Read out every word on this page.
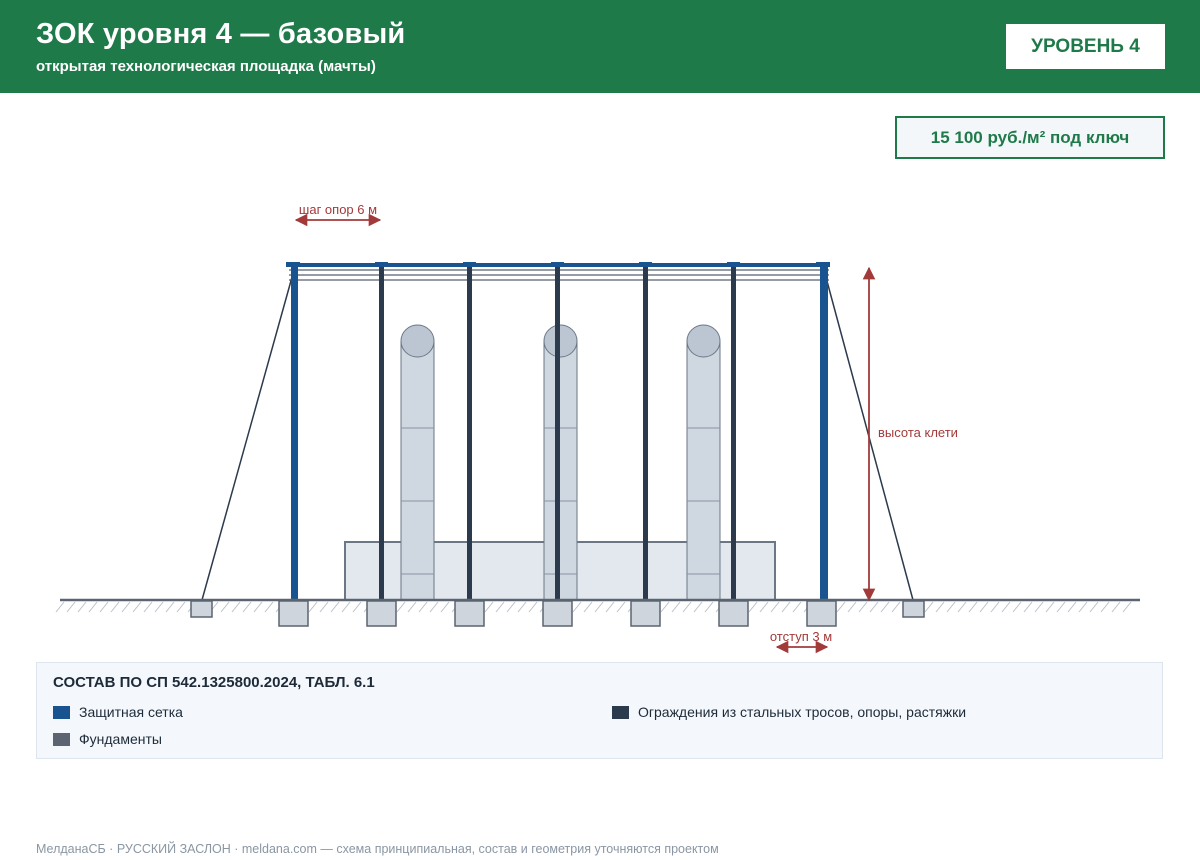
ЗОК уровня 4 — базовый
открытая технологическая площадка (мачты)
УРОВЕНЬ 4
15 100 руб./м² под ключ
шаг опор 6 м
высота клети
отступ 3 м
СОСТАВ ПО СП 542.1325800.2024, ТАБЛ. 6.1
Защитная сетка	Ограждения из стальных тросов, опоры, растяжки
Фундаменты
МелданаСБ · РУССКИЙ ЗАСЛОН · meldana.com — схема принципиальная, состав и геометрия уточняются проектом
